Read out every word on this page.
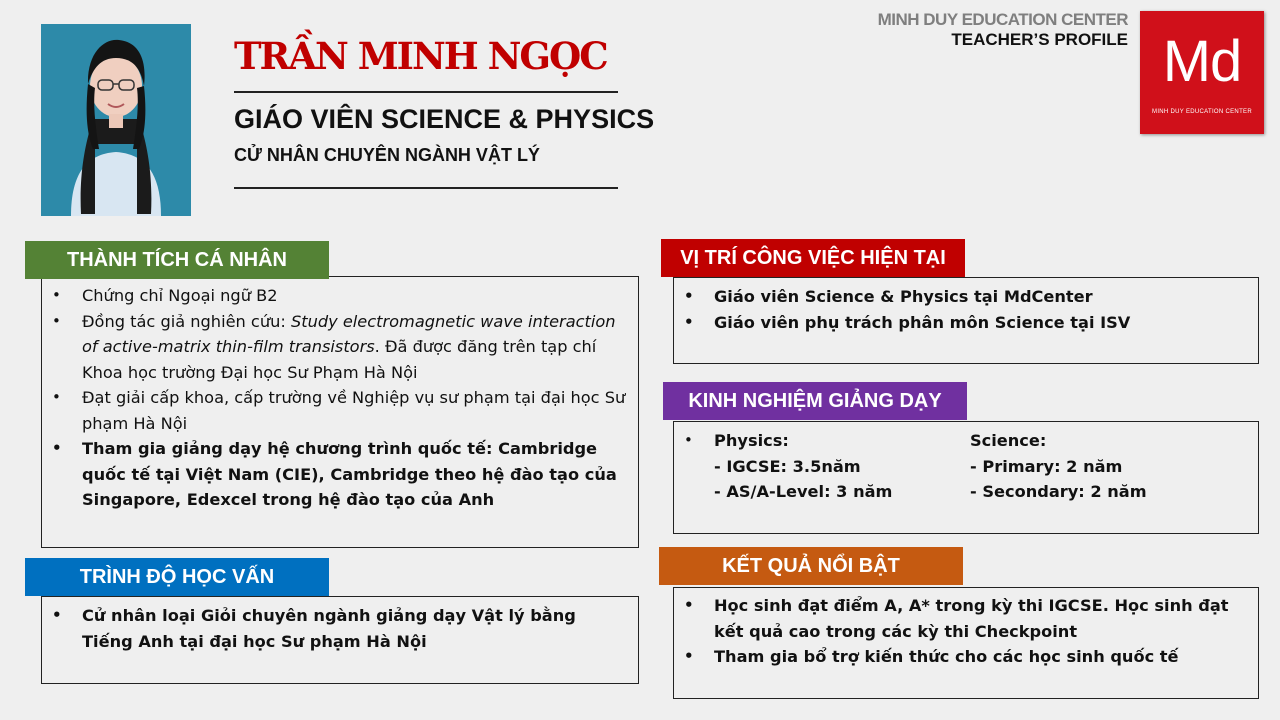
TRẦN MINH NGỌC
GIÁO VIÊN SCIENCE & PHYSICS
CỬ NHÂN CHUYÊN NGÀNH VẬT LÝ
MINH DUY EDUCATION CENTER
TEACHER’S PROFILE Md
MINH DUY EDUCATION CENTER
• Chứng chỉ Ngoại ngữ B2
• Đồng tác giả nghiên cứu: Study electromagnetic wave interaction of active-matrix thin-film transistors. Đã được đăng trên tạp chí Khoa học trường Đại học Sư Phạm Hà Nội
• Đạt giải cấp khoa, cấp trường về Nghiệp vụ sư phạm tại đại học Sư phạm Hà Nội
• Tham gia giảng dạy hệ chương trình quốc tế: Cambridge quốc tế tại Việt Nam (CIE), Cambridge theo hệ đào tạo của Singapore, Edexcel trong hệ đào tạo của Anh
THÀNH TÍCH CÁ NHÂN
• Cử nhân loại Giỏi chuyên ngành giảng dạy Vật lý bằng Tiếng Anh tại đại học Sư phạm Hà Nội
TRÌNH ĐỘ HỌC VẤN
• Giáo viên Science & Physics tại MdCenter
• Giáo viên phụ trách phân môn Science tại ISV
VỊ TRÍ CÔNG VIỆC HIỆN TẠI
• Physics:
- IGCSE: 3.5năm
- AS/A-Level: 3 năm
Science:
- Primary: 2 năm
- Secondary: 2 năm
KINH NGHIỆM GIẢNG DẠY
• Học sinh đạt điểm A, A* trong kỳ thi IGCSE. Học sinh đạt kết quả cao trong các kỳ thi Checkpoint
• Tham gia bổ trợ kiến thức cho các học sinh quốc tế
KẾT QUẢ NỔI BẬT
